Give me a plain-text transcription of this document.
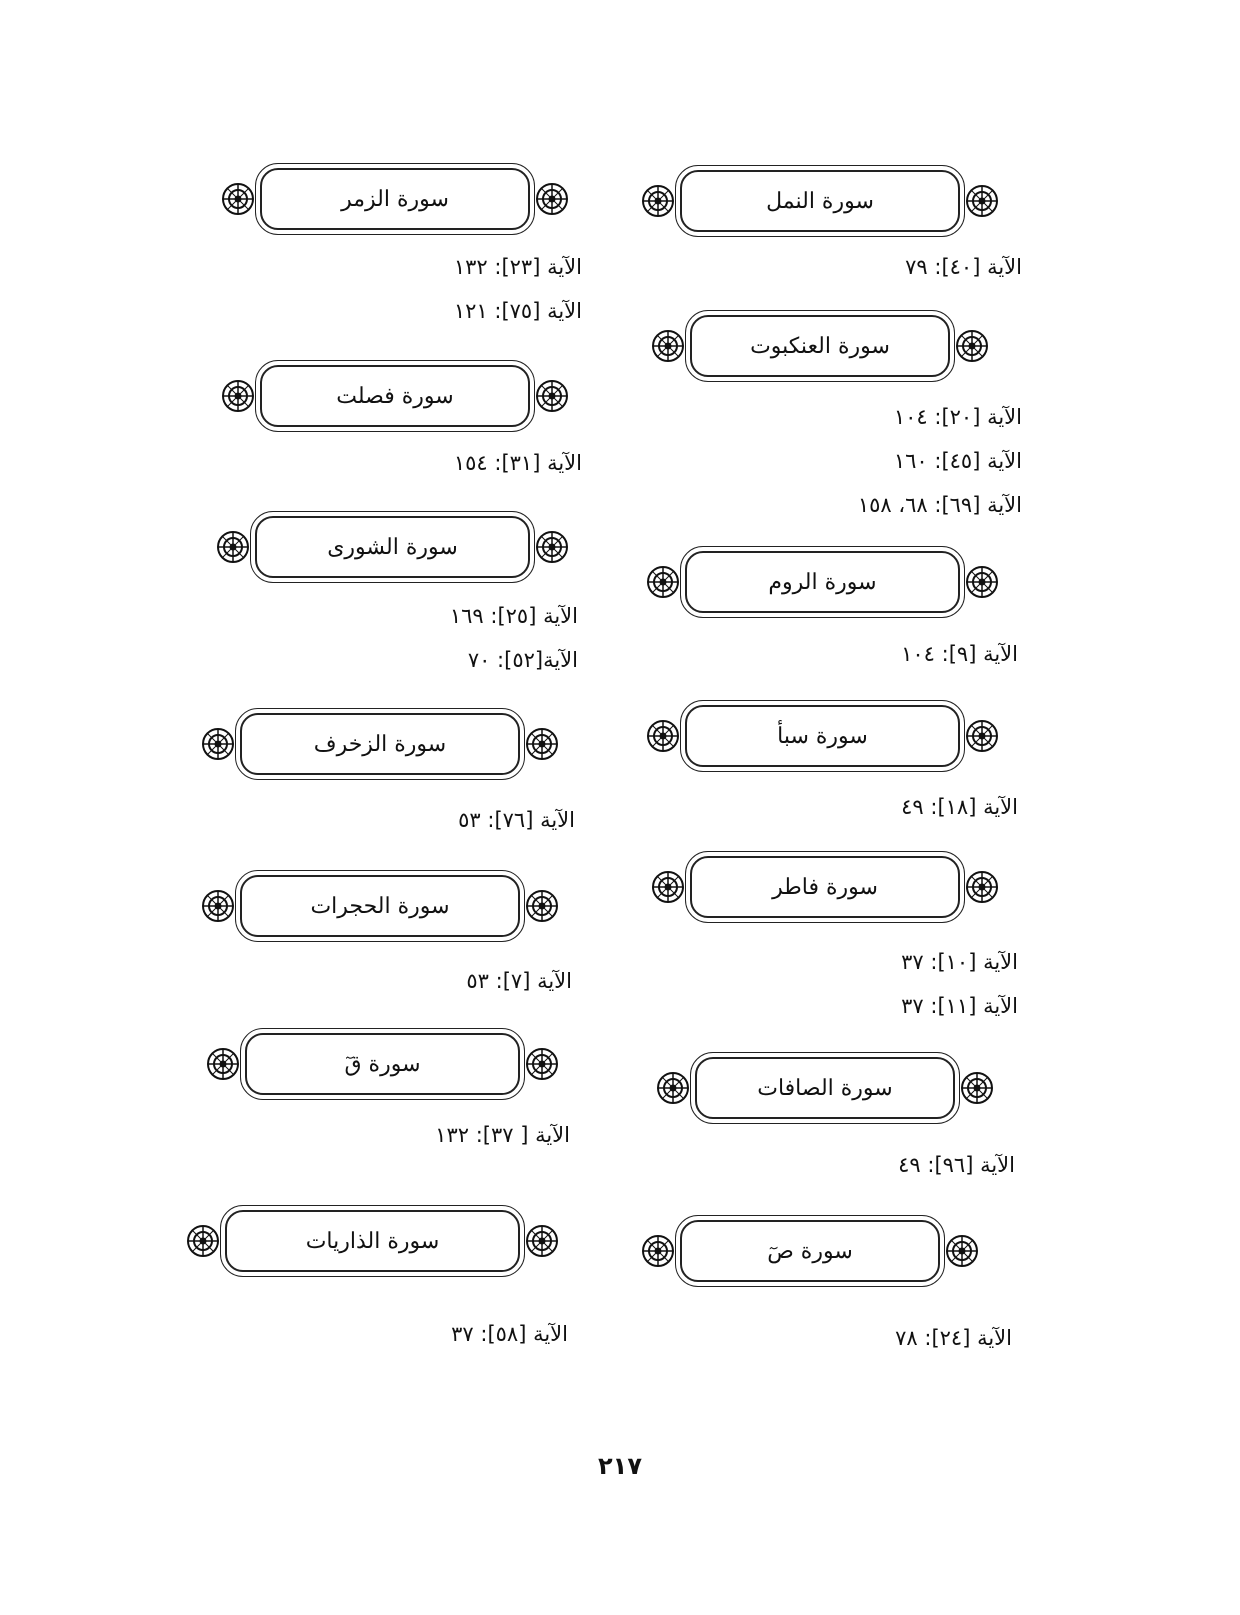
سورة النمل
الآية [٤٠]: ٧٩
سورة العنكبوت
الآية [٢٠]: ١٠٤
الآية [٤٥]: ١٦٠
الآية [٦٩]: ٦٨، ١٥٨
سورة الروم
الآية [٩]: ١٠٤
سورة سبأ
الآية [١٨]: ٤٩
سورة فاطر
الآية [١٠]: ٣٧
الآية [١١]: ٣٧
سورة الصافات
الآية [٩٦]: ٤٩
سورة صٓ
الآية [٢٤]: ٧٨
سورة الزمر
الآية [٢٣]: ١٣٢
الآية [٧٥]: ١٢١
سورة فصلت
الآية [٣١]: ١٥٤
سورة الشورى
الآية [٢٥]: ١٦٩
الآية[٥٢]: ٧٠
سورة الزخرف
الآية [٧٦]: ٥٣
سورة الحجرات
الآية [٧]: ٥٣
سورة قٓ
الآية [ ٣٧]: ١٣٢
سورة الذاريات
الآية [٥٨]: ٣٧
٢١٧
